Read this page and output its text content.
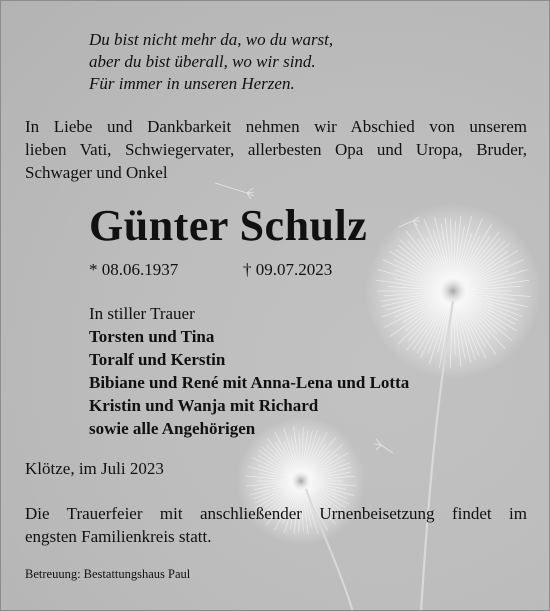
Du bist nicht mehr da, wo du warst,
aber du bist überall, wo wir sind.
Für immer in unseren Herzen.
In Liebe und Dankbarkeit nehmen wir Abschied von unserem
lieben Vati, Schwiegervater, allerbesten Opa und Uropa, Bruder,
Schwager und Onkel
Günter Schulz
* 08.06.1937	† 09.07.2023
In stiller Trauer
Torsten und Tina
Toralf und Kerstin
Bibiane und René mit Anna-Lena und Lotta
Kristin und Wanja mit Richard
sowie alle Angehörigen
Klötze, im Juli 2023
Die Trauerfeier mit anschließender Urnenbeisetzung findet im
engsten Familienkreis statt.
Betreuung: Bestattungshaus Paul
